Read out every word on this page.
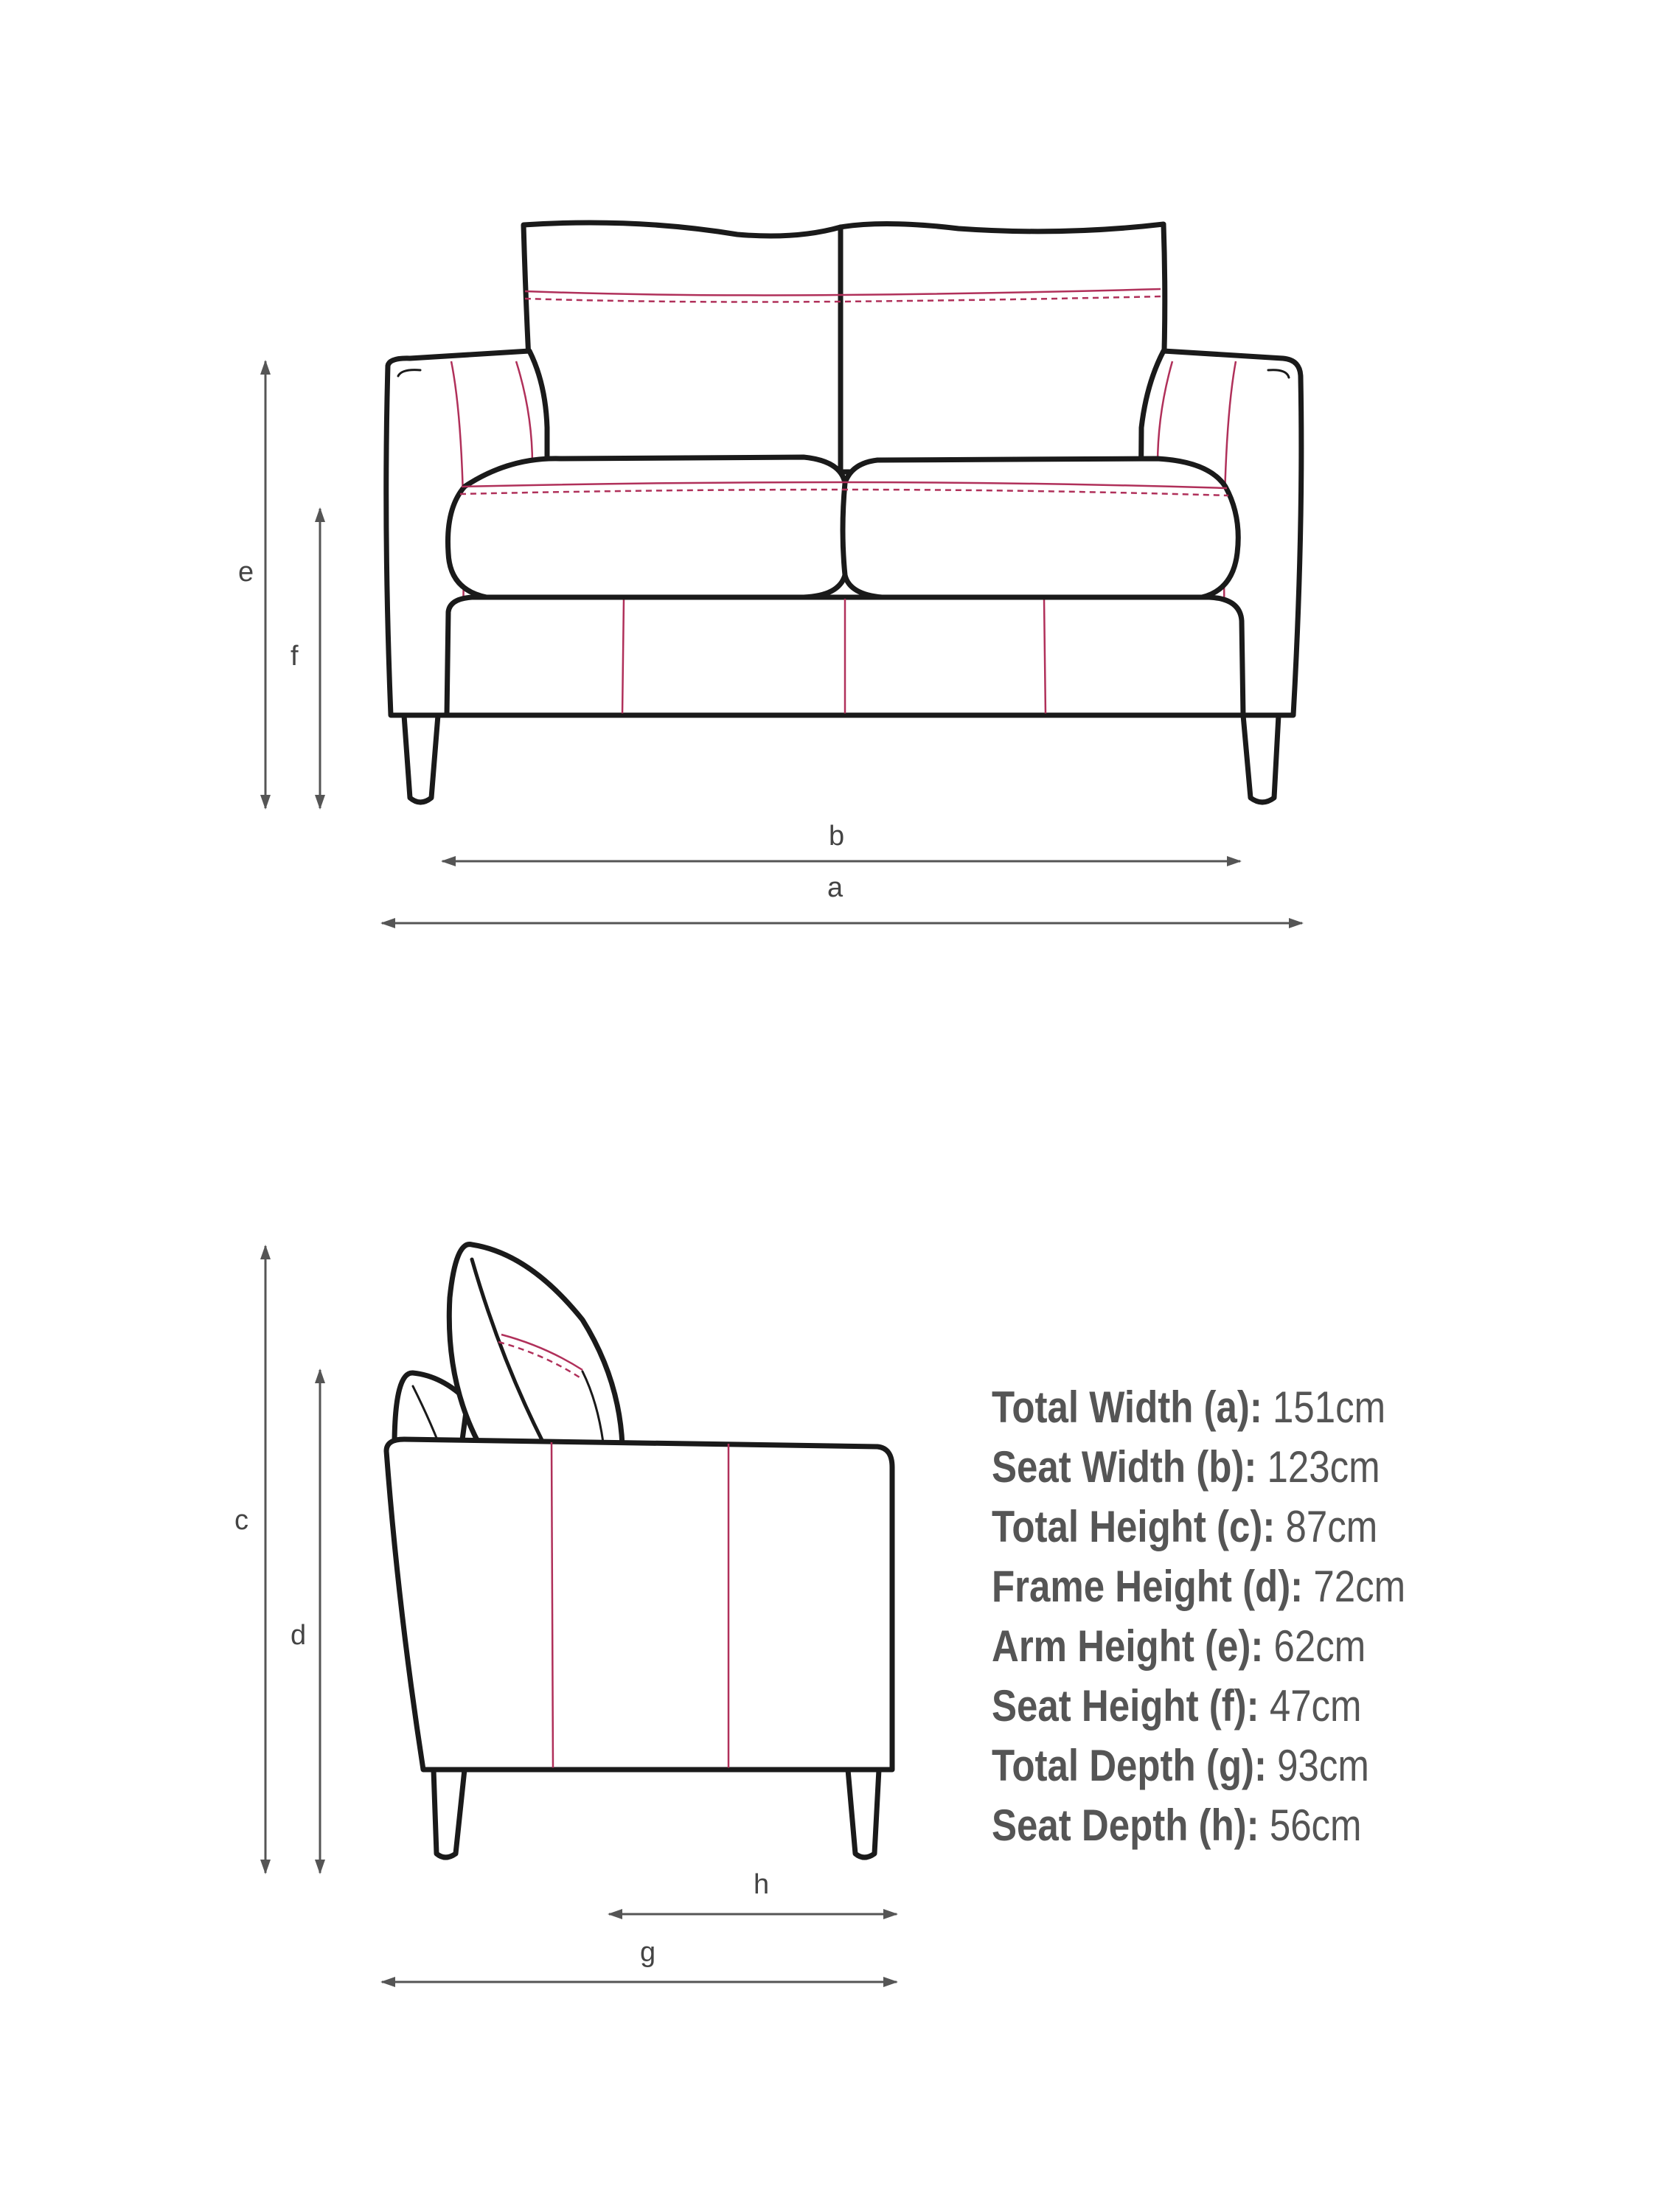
e
f
b
a
c
d
h
g
Total Width (a): 151cm
Seat Width (b): 123cm
Total Height (c): 87cm
Frame Height (d): 72cm
Arm Height (e): 62cm
Seat Height (f): 47cm
Total Depth (g): 93cm
Seat Depth (h): 56cm
